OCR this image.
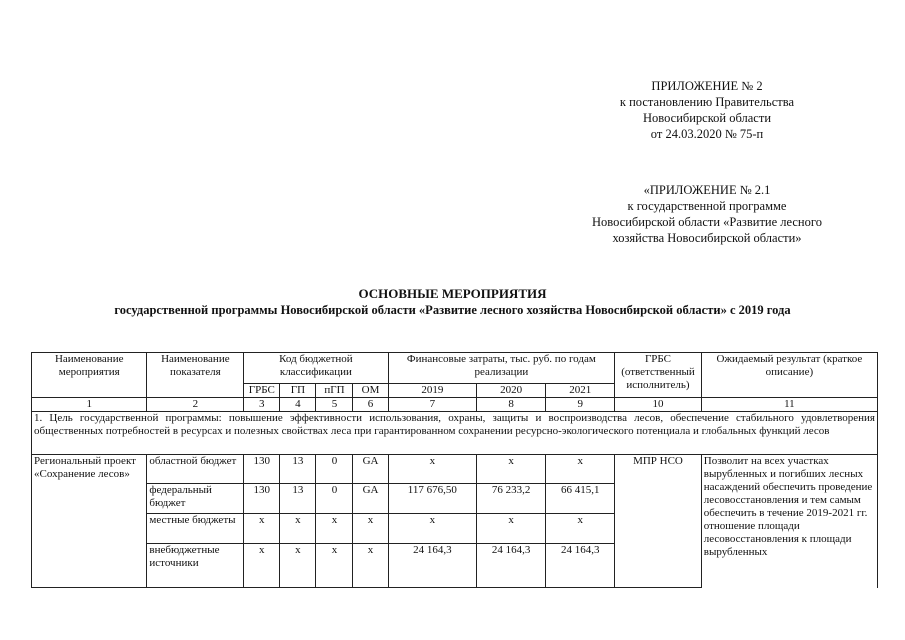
ПРИЛОЖЕНИЕ № 2
к постановлению Правительства
Новосибирской области
от 24.03.2020 № 75-п
«ПРИЛОЖЕНИЕ № 2.1
к государственной программе
Новосибирской области «Развитие лесного
хозяйства Новосибирской области»
ОСНОВНЫЕ МЕРОПРИЯТИЯ
государственной программы Новосибирской области «Развитие лесного хозяйства Новосибирской области» с 2019 года
Наименование мероприятия	Наименование показателя	Код бюджетной классификации				Финансовые затраты, тыс. руб. по годам реализации			ГРБС (ответственный исполнитель)	Ожидаемый результат (краткое описание)
		ГРБС	ГП	пГП	ОМ	2019	2020	2021		
1	2	3	4	5	6	7	8	9	10	11
1. Цель государственной программы: повышение эффективности использования, охраны, защиты и воспроизводства лесов, обеспечение стабильного удовлетворения общественных потребностей в ресурсах и полезных свойствах леса при гарантированном сохранении ресурсно-экологического потенциала и глобальных функций лесов										
Региональный проект «Сохранение лесов»	областной бюджет	130	13	0	GA	x	x	x	МПР НСО	Позволит на всех участках вырубленных и погибших лесных насаждений обеспечить проведение лесовосстановления и тем самым обеспечить в течение 2019-2021 гг. отношение площади лесовосстановления к площади вырубленных
	федеральный бюджет	130	13	0	GA	117 676,50	76 233,2	66 415,1		
	местные бюджеты	x	x	x	x	x	x	x		
	внебюджетные источники	x	x	x	x	24 164,3	24 164,3	24 164,3		
